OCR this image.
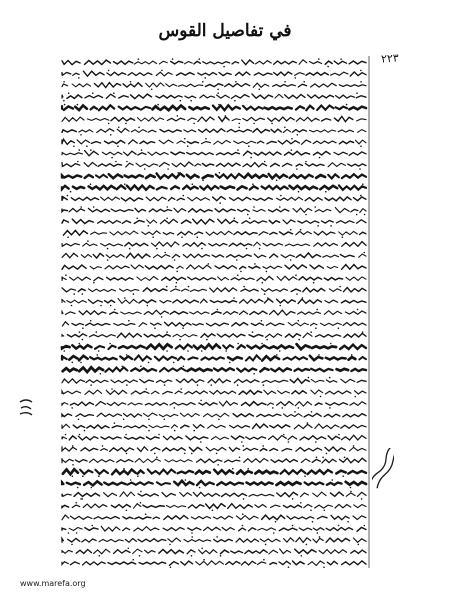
في تفاصيل القوس
٢٢٣
www.marefa.org
